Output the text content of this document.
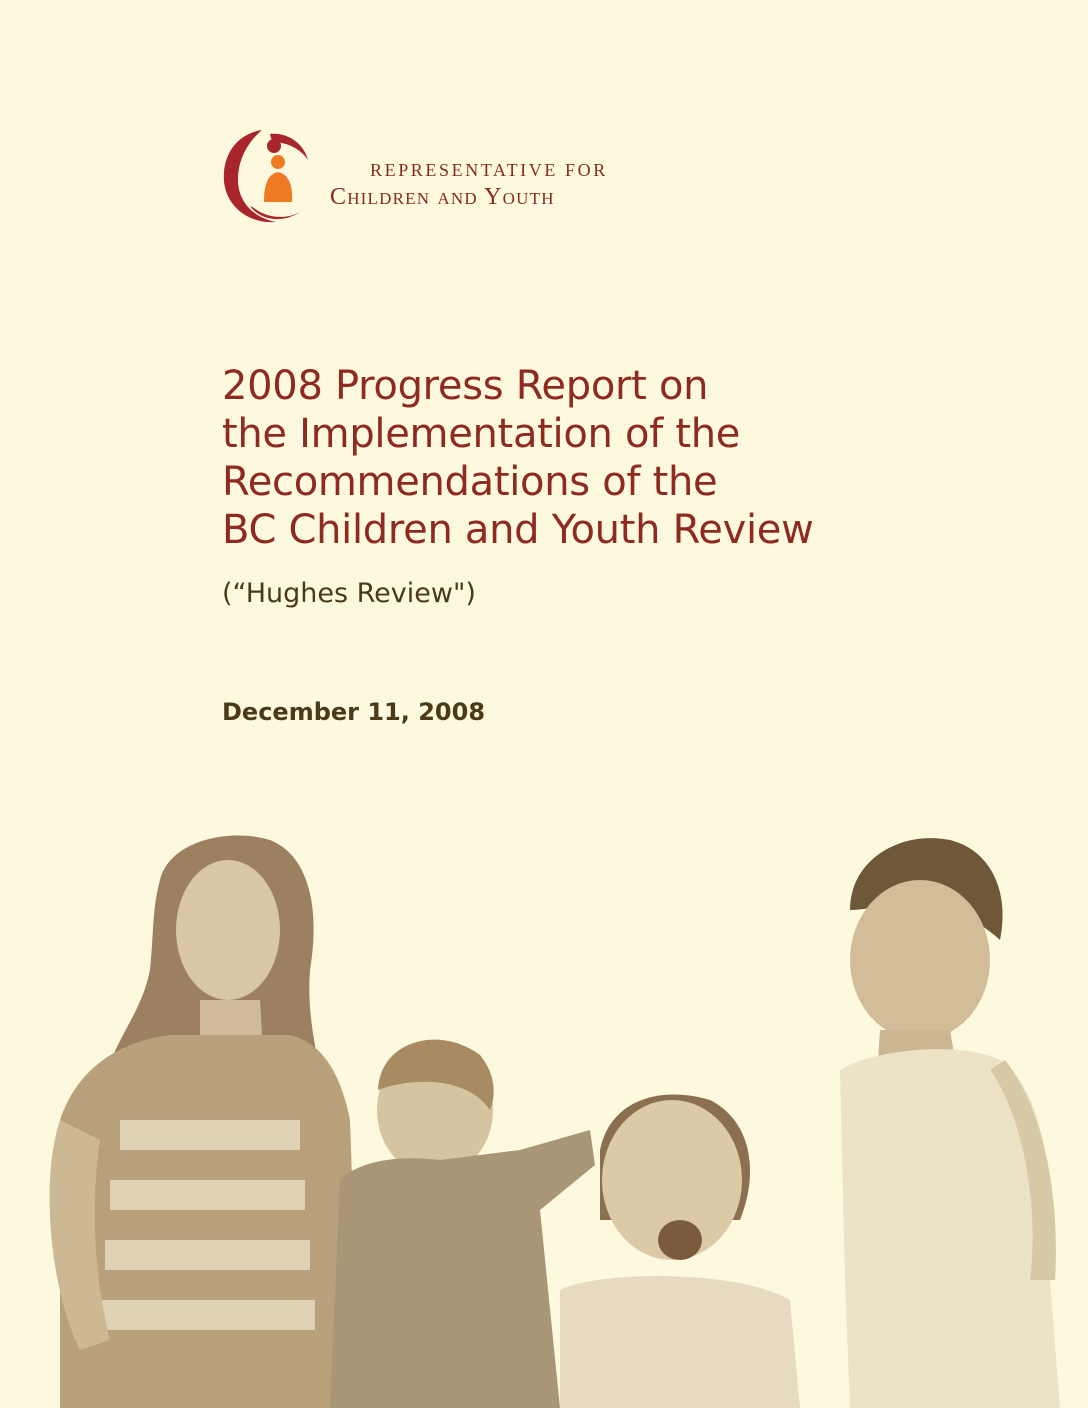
REPRESENTATIVE FOR
Children and Youth
2008 Progress Report on
the Implementation of the
Recommendations of the
BC Children and Youth Review
(“Hughes Review")
December 11, 2008
